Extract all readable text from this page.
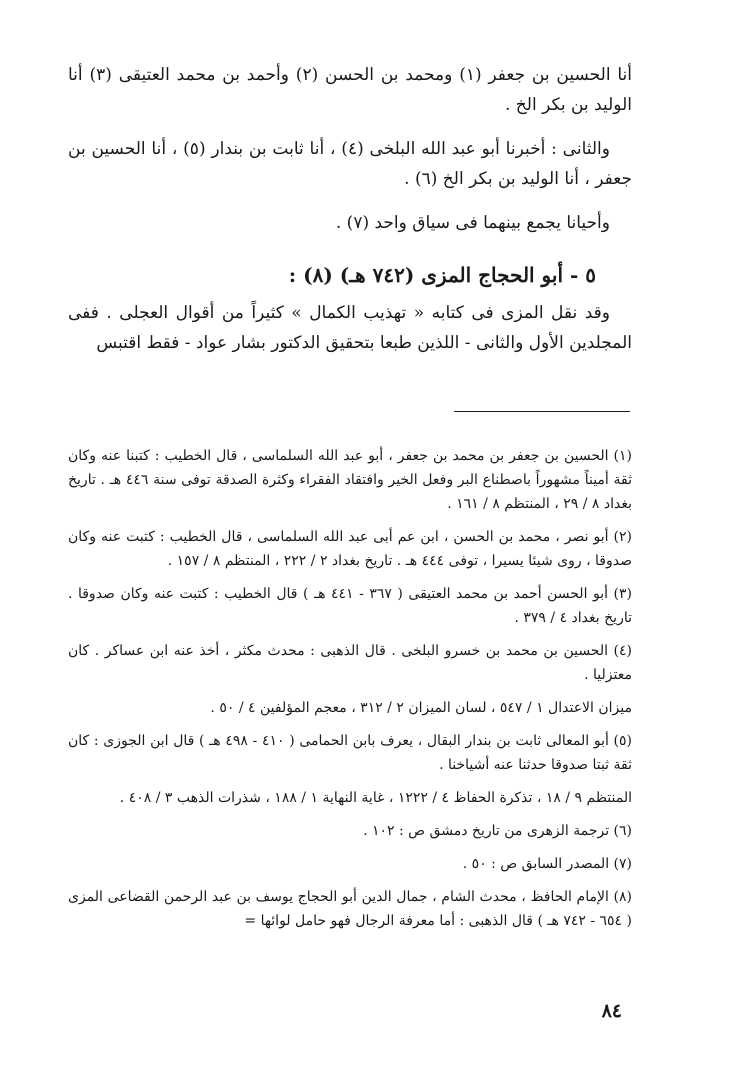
أنا الحسين بن جعفر (١) ومحمد بن الحسن (٢) وأحمد بن محمد العتيقى (٣) أنا الوليد بن بكر الخ .

والثانى : أخبرنا أبو عبد الله البلخى (٤) ، أنا ثابت بن بندار (٥) ، أنا الحسين بن جعفر ، أنا الوليد بن بكر الخ (٦) .

وأحيانا يجمع بينهما فى سياق واحد (٧) .

٥ - أبو الحجاج المزى (٧٤٢ هـ) (٨) :

وقد نقل المزى فى كتابه « تهذيب الكمال » كثيراً من أقوال العجلى . ففى المجلدين الأول والثانى - اللذين طبعا بتحقيق الدكتور بشار عواد - فقط اقتبس

(١) الحسين بن جعفر بن محمد بن جعفر ، أبو عبد الله السلماسى ، قال الخطيب : كتبنا عنه وكان ثقة أميناً مشهوراً باصطناع البر وفعل الخير وافتقاد الفقراء وكثرة الصدقة توفى سنة ٤٤٦ هـ . تاريخ بغداد ٨ / ٢٩ ، المنتظم ٨ / ١٦١ .

(٢) أبو نصر ، محمد بن الحسن ، ابن عم أبى عبد الله السلماسى ، قال الخطيب : كتبت عنه وكان صدوقا ، روى شيئا يسيرا ، توفى ٤٤٤ هـ . تاريخ بغداد ٢ / ٢٢٢ ، المنتظم ٨ / ١٥٧ .

(٣) أبو الحسن أحمد بن محمد العتيقى ( ٣٦٧ - ٤٤١ هـ ) قال الخطيب : كتبت عنه وكان صدوقا . تاريخ بغداد ٤ / ٣٧٩ .

(٤) الحسين بن محمد بن خسرو البلخى . قال الذهبى : محدث مكثر ، أخذ عنه ابن عساكر . كان معتزليا .

ميزان الاعتدال ١ / ٥٤٧ ، لسان الميزان ٢ / ٣١٢ ، معجم المؤلفين ٤ / ٥٠ .

(٥) أبو المعالى ثابت بن بندار البقال ، يعرف بابن الحمامى ( ٤١٠ - ٤٩٨ هـ ) قال ابن الجوزى : كان ثقة ثبتا صدوقا حدثنا عنه أشياخنا .

المنتظم ٩ / ١٨ ، تذكرة الحفاظ ٤ / ١٢٢٢ ، غاية النهاية ١ / ١٨٨ ، شذرات الذهب ٣ / ٤٠٨ .

(٦) ترجمة الزهرى من تاريخ دمشق ص : ١٠٢ .

(٧) المصدر السابق ص : ٥٠ .

(٨) الإمام الحافظ ، محدث الشام ، جمال الدين أبو الحجاج يوسف بن عبد الرحمن القضاعى المزى ( ٦٥٤ - ٧٤٢ هـ ) قال الذهبى : أما معرفة الرجال فهو حامل لوائها =

٨٤
